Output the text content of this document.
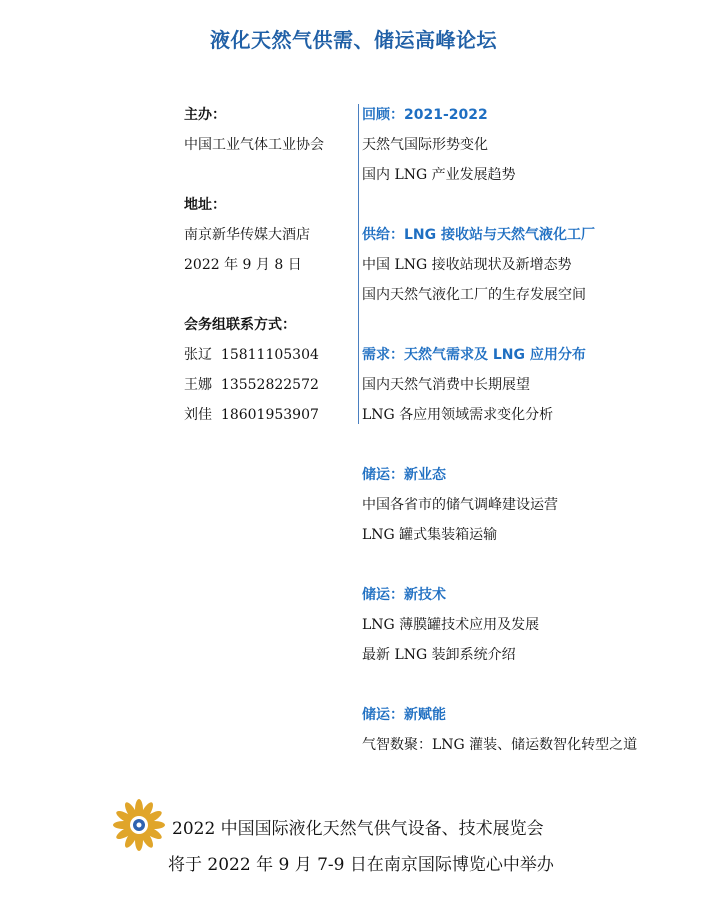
液化天然气供需、储运高峰论坛
主办：
中国工业气体工业协会
地址：
南京新华传媒大酒店
2022 年 9 月 8 日
会务组联系方式：
张辽 15811105304
王娜 13552822572
刘佳 18601953907
回顾：2021-2022
天然气国际形势变化
国内 LNG 产业发展趋势
供给：LNG 接收站与天然气液化工厂
中国 LNG 接收站现状及新增态势
国内天然气液化工厂的生存发展空间
需求：天然气需求及 LNG 应用分布
国内天然气消费中长期展望
LNG 各应用领域需求变化分析
储运：新业态
中国各省市的储气调峰建设运营
LNG 罐式集装箱运输
储运：新技术
LNG 薄膜罐技术应用及发展
最新 LNG 装卸系统介绍
储运：新赋能
气智数聚：LNG 灌装、储运数智化转型之道
2022 中国国际液化天然气供气设备、技术展览会
将于 2022 年 9 月 7-9 日在南京国际博览心中举办
